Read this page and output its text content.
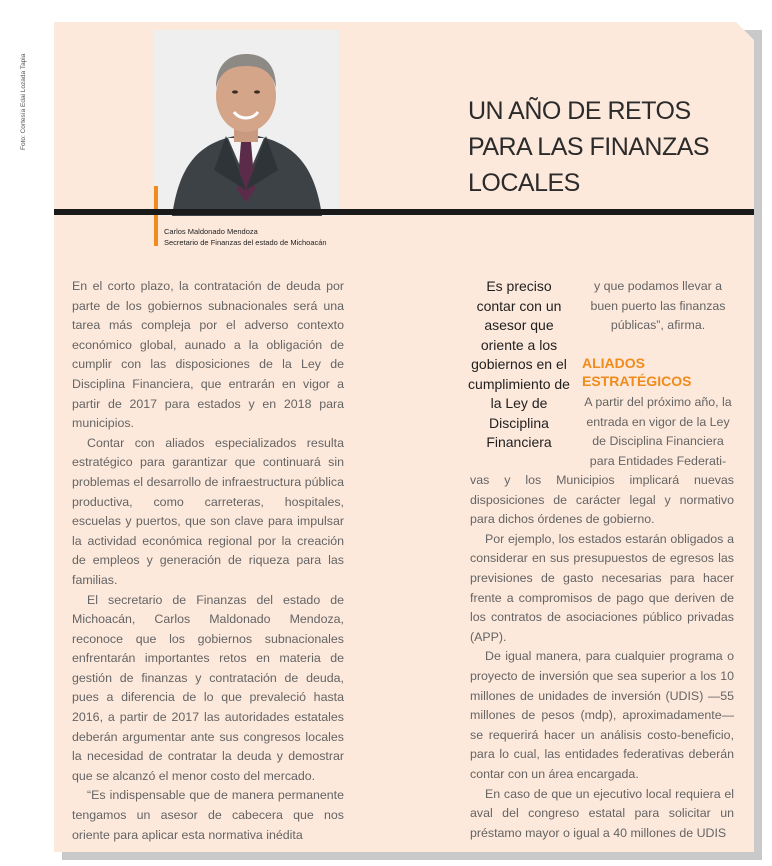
Foto: Cortesía Edai Lozada Tapia
Carlos Maldonado Mendoza
Secretario de Finanzas del estado de Michoacán
UN AÑO DE RETOS PARA LAS FINANZAS LOCALES

En el corto plazo, la contratación de deuda por parte de los gobiernos subnacionales será una tarea más compleja por el adverso contexto económico global, aunado a la obligación de cumplir con las disposiciones de la Ley de Disciplina Financiera, que entrarán en vigor a partir de 2017 para estados y en 2018 para municipios.

Contar con aliados especializados resulta estratégico para garantizar que continuará sin problemas el desarrollo de infraestructura pública productiva, como carreteras, hospitales, escuelas y puertos, que son clave para impulsar la actividad económica regional por la creación de empleos y generación de riqueza para las familias.

El secretario de Finanzas del estado de Michoacán, Carlos Maldonado Mendoza, reconoce que los gobiernos subnacionales enfrentarán importantes retos en materia de gestión de finanzas y contratación de deuda, pues a diferencia de lo que prevaleció hasta 2016, a partir de 2017 las autoridades estatales deberán argumentar ante sus congresos locales la necesidad de contratar la deuda y demostrar que se alcanzó el menor costo del mercado.

“Es indispensable que de manera permanente tengamos un asesor de cabecera que nos oriente para aplicar esta normativa inédita

Es preciso contar con un asesor que oriente a los gobiernos en el cumplimiento de la Ley de Disciplina Financiera

y que podamos llevar a buen puerto las finanzas públicas”, afirma.

ALIADOS
ESTRATÉGICOS

A partir del próximo año, la entrada en vigor de la Ley de Disciplina Financiera para Entidades Federati-

vas y los Municipios implicará nuevas disposiciones de carácter legal y normativo para dichos órdenes de gobierno.

Por ejemplo, los estados estarán obligados a considerar en sus presupuestos de egresos las previsiones de gasto necesarias para hacer frente a compromisos de pago que deriven de los contratos de asociaciones público privadas (APP).

De igual manera, para cualquier programa o proyecto de inversión que sea superior a los 10 millones de unidades de inversión (UDIS) —55 millones de pesos (mdp), aproximadamente— se requerirá hacer un análisis costo-beneficio, para lo cual, las entidades federativas deberán contar con un área encargada.

En caso de que un ejecutivo local requiera el aval del congreso estatal para solicitar un préstamo mayor o igual a 40 millones de UDIS
